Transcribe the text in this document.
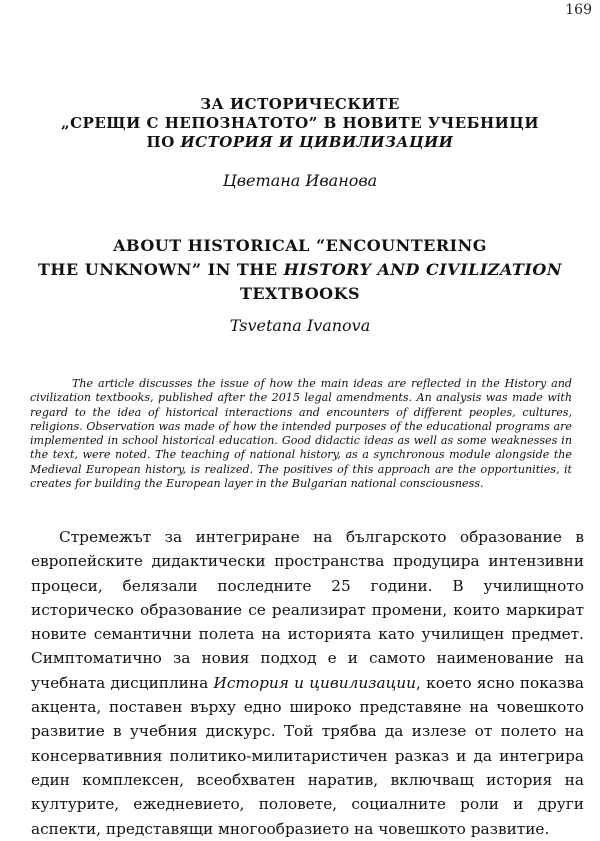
169
ЗА ИСТОРИЧЕСКИТЕ
„СРЕЩИ С НЕПОЗНАТОТО” В НОВИТЕ УЧЕБНИЦИ
ПО ИСТОРИЯ И ЦИВИЛИЗАЦИИ
Цветана Иванова
ABOUT HISTORICAL “ENCOUNTERING
THE UNKNOWN” IN THE HISTORY AND CIVILIZATION
TEXTBOOKS
Tsvetana Ivanova

The article discusses the issue of how the main ideas are reflected in the History and civilization textbooks, published after the 2015 legal amendments. An analysis was made with regard to the idea of historical interactions and encounters of different peoples, cultures, religions. Observation was made of how the intended purposes of the educational programs are implemented in school historical education. Good didactic ideas as well as some weaknesses in the text, were noted. The teaching of national history, as a synchronous module alongside the Medieval European history, is realized. The positives of this approach are the opportunities, it creates for building the European layer in the Bulgarian national consciousness.

Стремежът за интегриране на българското образование в европейските дидактически пространства продуцира интензивни процеси, белязали последните 25 години. В училищното историческо образование се реализират промени, които маркират новите семантични полета на историята като училищен предмет. Симптоматично за новия подход е и самото наименование на учебната дисциплина История и цивилизации, което ясно показва акцента, поставен върху едно широко представяне на човешкото развитие в учебния дискурс. Той трябва да излезе от полето на консервативния политико-милитаристичен разказ и да интегрира един комплексен, всеобхватен наратив, включващ история на културите, ежедневието, половете, социалните роли и други аспекти, представящи многообразието на човешкото развитие.
